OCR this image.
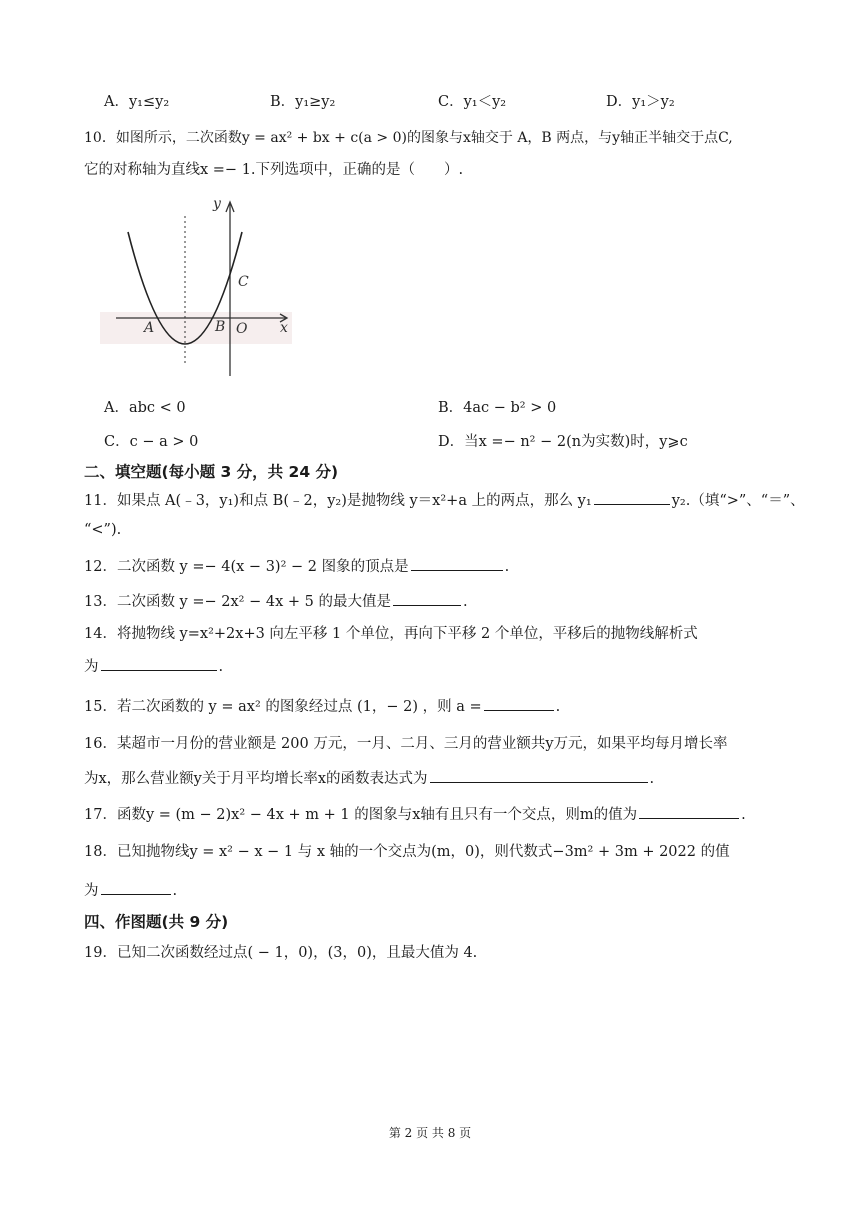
A．y₁≤y₂	B．y₁≥y₂	C．y₁＜y₂	D．y₁＞y₂
10．如图所示，二次函数y = ax² + bx + c(a > 0)的图象与x轴交于 A，B 两点，与y轴正半轴交于点C,
它的对称轴为直线x =− 1.下列选项中，正确的是（　　）.
y
x
A	B O
C
A．abc < 0	B．4ac − b² > 0
C．c − a > 0	D．当x =− n² − 2(n为实数)时，y⩾c
二、填空题(每小题 3 分，共 24 分)
11．如果点 A(﹣3，y₁)和点 B(﹣2，y₂)是抛物线 y＝x²+a 上的两点，那么 y₁	y₂.（填“>”、“＝”、
“<”).
12．二次函数 y =− 4(x − 3)² − 2 图象的顶点是	.
13．二次函数 y =− 2x² − 4x + 5 的最大值是	.
14．将抛物线 y=x²+2x+3 向左平移 1 个单位，再向下平移 2 个单位，平移后的抛物线解析式
为	.
15．若二次函数的 y = ax² 的图象经过点 (1，− 2) ，则 a =	.
16．某超市一月份的营业额是 200 万元，一月、二月、三月的营业额共y万元，如果平均每月增长率
为x，那么营业额y关于月平均增长率x的函数表达式为	.
17．函数y = (m − 2)x² − 4x + m + 1 的图象与x轴有且只有一个交点，则m的值为	.
18．已知抛物线y = x² − x − 1 与 x 轴的一个交点为(m，0)，则代数式−3m² + 3m + 2022 的值
为	.
四、作图题(共 9 分)
19．已知二次函数经过点( − 1，0)，(3，0)，且最大值为 4.
第 2 页 共 8 页
